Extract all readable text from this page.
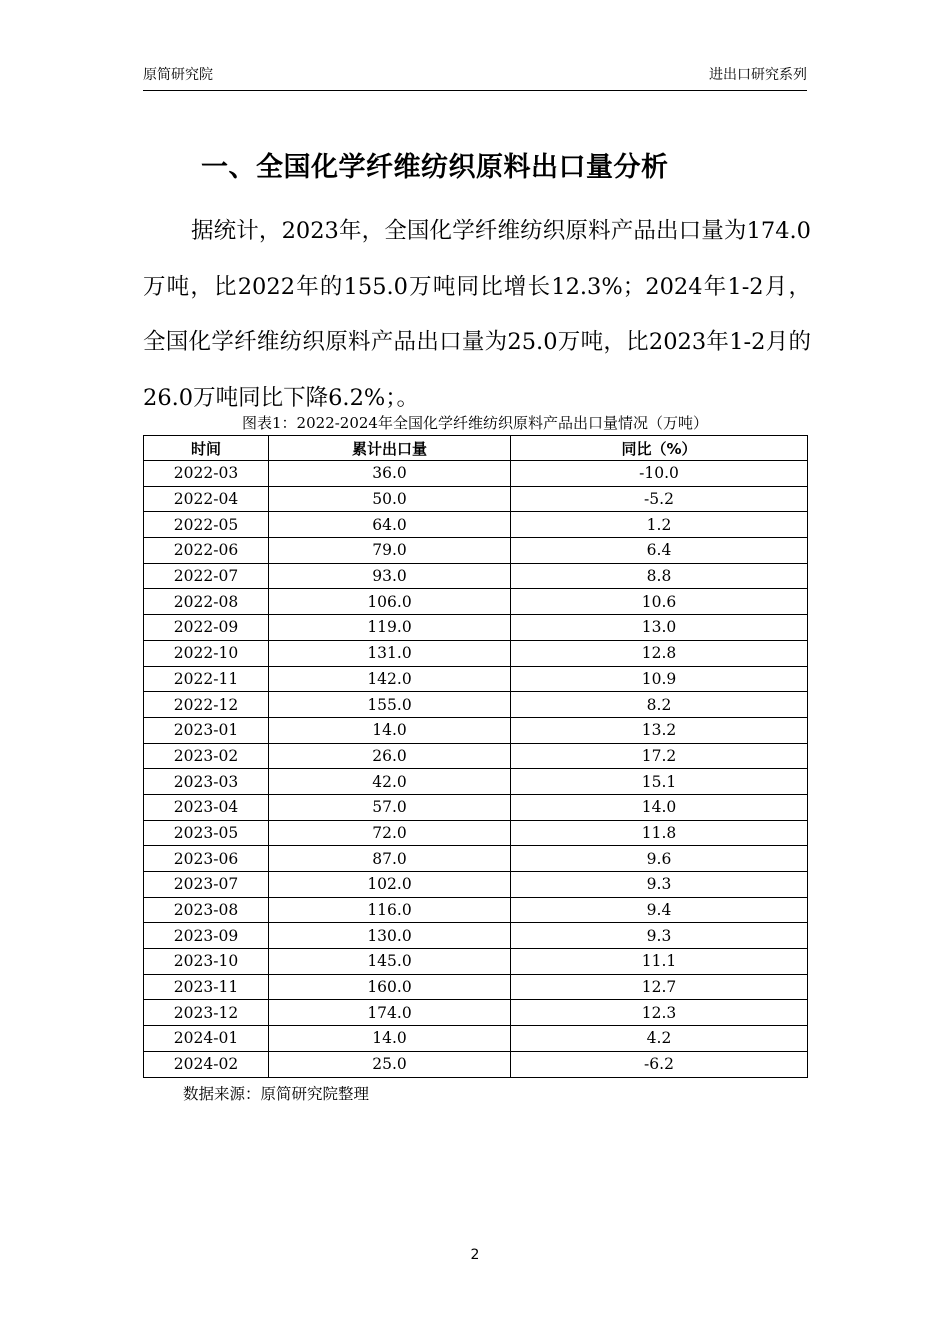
原简研究院	进出口研究系列
一、全国化学纤维纺织原料出口量分析

据统计，2023年，全国化学纤维纺织原料产品出口量为174.0万吨，比2022年的155.0万吨同比增长12.3%；2024年1-2月，全国化学纤维纺织原料产品出口量为25.0万吨，比2023年1-2月的26.0万吨同比下降6.2%；。

图表1：2022-2024年全国化学纤维纺织原料产品出口量情况（万吨）
时间	累计出口量	同比（%）
2022-03	36.0	-10.0
2022-04	50.0	-5.2
2022-05	64.0	1.2
2022-06	79.0	6.4
2022-07	93.0	8.8
2022-08	106.0	10.6
2022-09	119.0	13.0
2022-10	131.0	12.8
2022-11	142.0	10.9
2022-12	155.0	8.2
2023-01	14.0	13.2
2023-02	26.0	17.2
2023-03	42.0	15.1
2023-04	57.0	14.0
2023-05	72.0	11.8
2023-06	87.0	9.6
2023-07	102.0	9.3
2023-08	116.0	9.4
2023-09	130.0	9.3
2023-10	145.0	11.1
2023-11	160.0	12.7
2023-12	174.0	12.3
2024-01	14.0	4.2
2024-02	25.0	-6.2
数据来源：原简研究院整理
2
